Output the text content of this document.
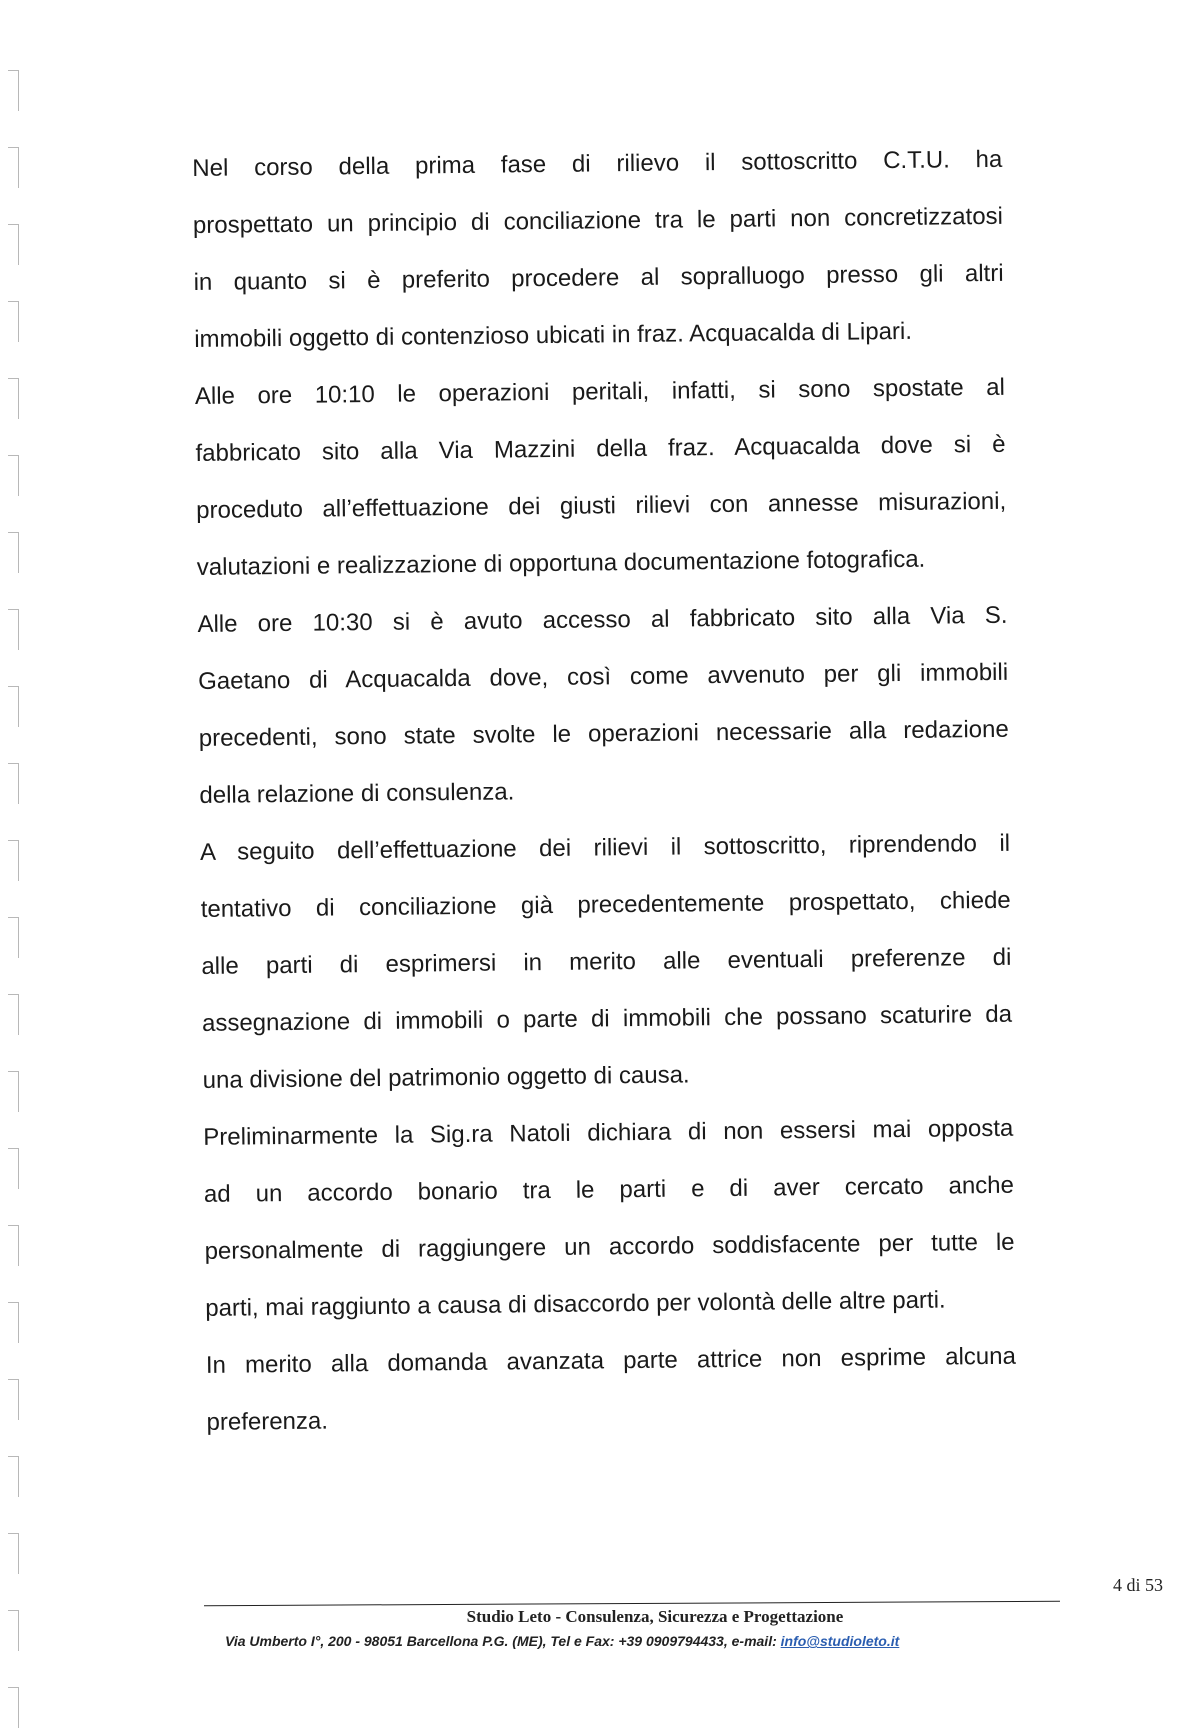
Nel corso della prima fase di rilievo il sottoscritto C.T.U. ha
prospettato un principio di conciliazione tra le parti non concretizzatosi
in quanto si è preferito procedere al sopralluogo presso gli altri
immobili oggetto di contenzioso ubicati in fraz. Acquacalda di Lipari.
Alle ore 10:10 le operazioni peritali, infatti, si sono spostate al
fabbricato sito alla Via Mazzini della fraz. Acquacalda dove si è
proceduto all’effettuazione dei giusti rilievi con annesse misurazioni,
valutazioni e realizzazione di opportuna documentazione fotografica.
Alle ore 10:30 si è avuto accesso al fabbricato sito alla Via S.
Gaetano di Acquacalda dove, così come avvenuto per gli immobili
precedenti, sono state svolte le operazioni necessarie alla redazione
della relazione di consulenza.
A seguito dell’effettuazione dei rilievi il sottoscritto, riprendendo il
tentativo di conciliazione già precedentemente prospettato, chiede
alle parti di esprimersi in merito alle eventuali preferenze di
assegnazione di immobili o parte di immobili che possano scaturire da
una divisione del patrimonio oggetto di causa.
Preliminarmente la Sig.ra Natoli dichiara di non essersi mai opposta
ad un accordo bonario tra le parti e di aver cercato anche
personalmente di raggiungere un accordo soddisfacente per tutte le
parti, mai raggiunto a causa di disaccordo per volontà delle altre parti.
In merito alla domanda avanzata parte attrice non esprime alcuna
preferenza.
4 di 53
Studio Leto - Consulenza, Sicurezza e Progettazione
Via Umberto I°, 200 - 98051 Barcellona P.G. (ME), Tel e Fax: +39 0909794433, e-mail: info@studioleto.it
